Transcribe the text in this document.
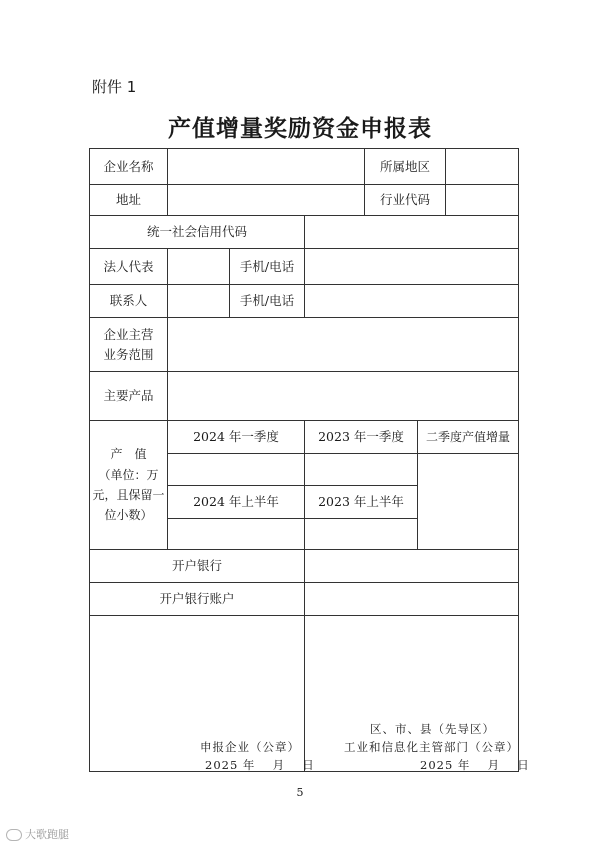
附件 1
产值增量奖励资金申报表
企业名称	所属地区
地址	行业代码
统一社会信用代码
法人代表	手机/电话
联系人	手机/电话
企业主营
业务范围
主要产品
产　值
（单位：万
元，且保留一
位小数）
2024 年一季度	2023 年一季度	二季度产值增量
2024 年上半年	2023 年上半年
开户银行
开户银行账户
申报企业（公章）
2025 年　 月　 日
区、市、县（先导区）
工业和信息化主管部门（公章）
2025 年　 月　 日
5
大歌跑腿
